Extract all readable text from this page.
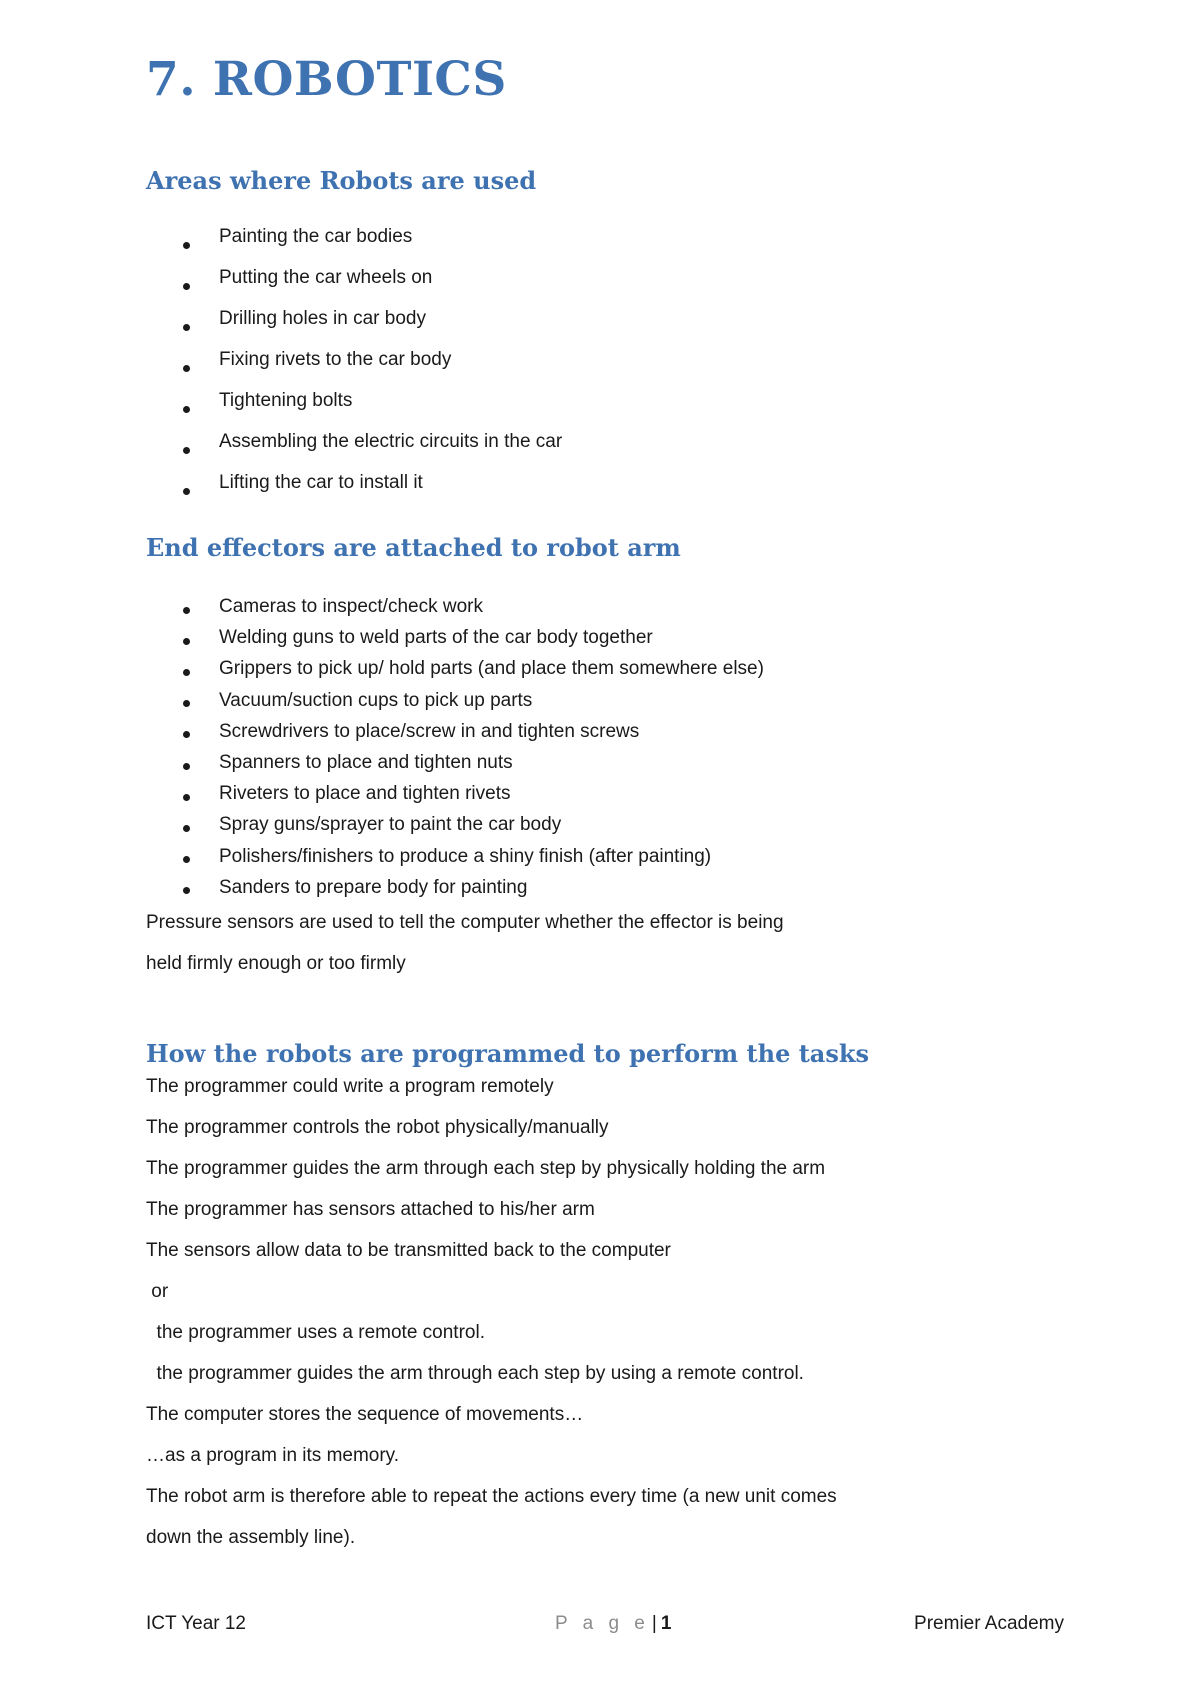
7. ROBOTICS
Areas where Robots are used
Painting the car bodies
Putting the car wheels on
Drilling holes in car body
Fixing rivets to the car body
Tightening bolts
Assembling the electric circuits in the car
Lifting the car to install it
End effectors are attached to robot arm
Cameras to inspect/check work
Welding guns to weld parts of the car body together
Grippers to pick up/ hold parts (and place them somewhere else)
Vacuum/suction cups to pick up parts
Screwdrivers to place/screw in and tighten screws
Spanners to place and tighten nuts
Riveters to place and tighten rivets
Spray guns/sprayer to paint the car body
Polishers/finishers to produce a shiny finish (after painting)
Sanders to prepare body for painting

Pressure sensors are used to tell the computer whether the effector is being

held firmly enough or too firmly

How the robots are programmed to perform the tasks

The programmer could write a program remotely

The programmer controls the robot physically/manually

The programmer guides the arm through each step by physically holding the arm

The programmer has sensors attached to his/her arm

The sensors allow data to be transmitted back to the computer

or

the programmer uses a remote control.

the programmer guides the arm through each step by using a remote control.

The computer stores the sequence of movements…

…as a program in its memory.

The robot arm is therefore able to repeat the actions every time (a new unit comes

down the assembly line).

ICT Year 12	P a g e | 1	Premier Academy
